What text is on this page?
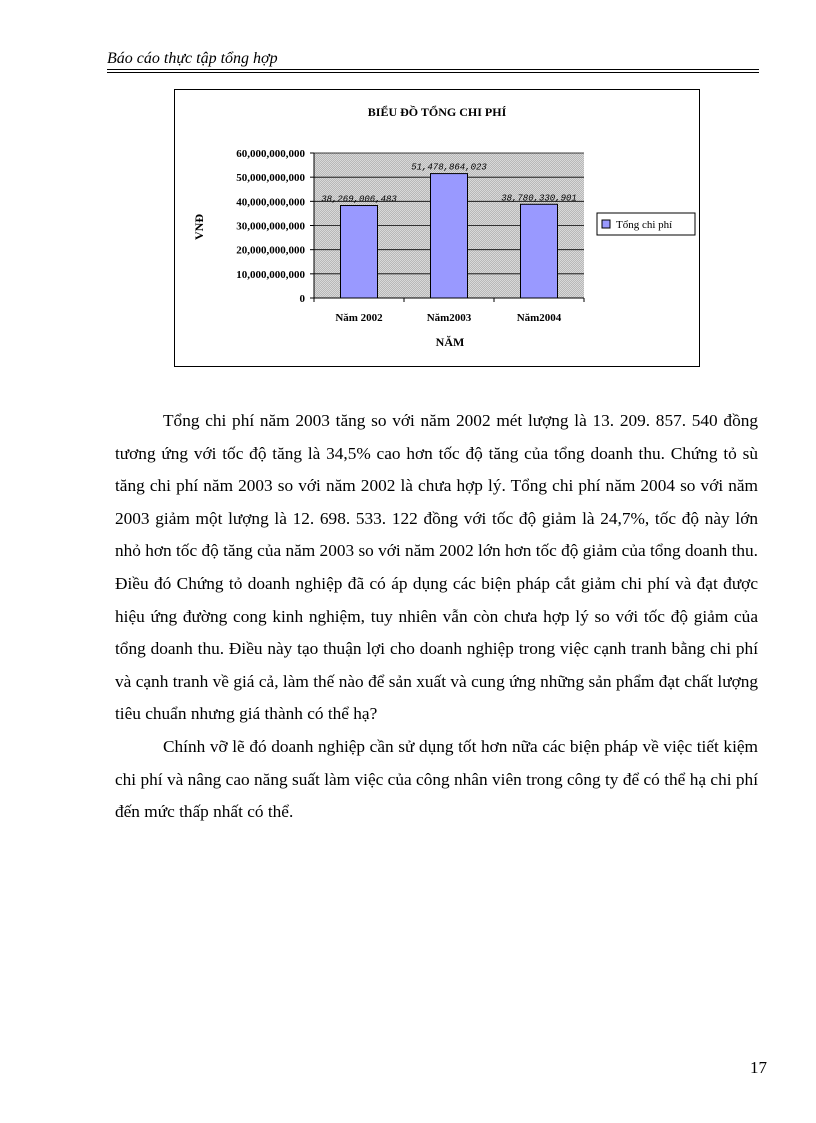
Báo cáo thực tập tổng hợp
0
10,000,000,000
20,000,000,000
30,000,000,000
40,000,000,000
50,000,000,000
60,000,000,000
38,269,006,483
Năm 2002
51,478,864,023
Năm2003
38,780,330,901
Năm2004
BIỂU ĐỒ TỔNG CHI PHÍ
NĂM
VNĐ	Tổng chi phí

Tổng chi phí năm 2003 tăng so với năm 2002 mét lượng là 13. 209. 857. 540 đồng tương ứng với tốc độ tăng là 34,5% cao hơn tốc độ tăng của tổng doanh thu. Chứng tỏ sù tăng chi phí năm 2003 so với năm 2002 là chưa hợp lý. Tổng chi phí năm 2004 so với năm 2003 giảm một lượng là 12. 698. 533. 122 đồng với tốc độ giảm là 24,7%, tốc độ này lớn nhỏ hơn tốc độ tăng của năm 2003 so với năm 2002 lớn hơn tốc độ giảm của tổng doanh thu. Điều đó Chứng tỏ doanh nghiệp đã có áp dụng các biện pháp cắt giảm chi phí và đạt được hiệu ứng đường cong kinh nghiệm, tuy nhiên vẫn còn chưa hợp lý so với tốc độ giảm của tổng doanh thu. Điều này tạo thuận lợi cho doanh nghiệp trong việc cạnh tranh bằng chi phí và cạnh tranh về giá cả, làm thế nào để sản xuất và cung ứng những sản phẩm đạt chất lượng tiêu chuẩn nhưng giá thành có thể hạ?

Chính vỡ lẽ đó doanh nghiệp cần sử dụng tốt hơn nữa các biện pháp về việc tiết kiệm chi phí và nâng cao năng suất làm việc của công nhân viên trong công ty để có thể hạ chi phí đến mức thấp nhất có thể.

17
